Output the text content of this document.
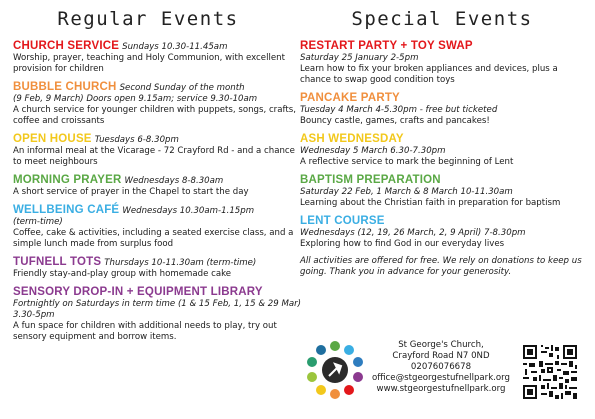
Regular Events
CHURCH SERVICE Sundays 10.30-11.45am
Worship, prayer, teaching and Holy Communion, with excellent provision for children
BUBBLE CHURCH Second Sunday of the month
(9 Feb, 9 March) Doors open 9.15am; service 9.30-10am
A church service for younger children with puppets, songs, crafts, coffee and croissants
OPEN HOUSE Tuesdays 6-8.30pm
An informal meal at the Vicarage - 72 Crayford Rd - and a chance to meet neighbours
MORNING PRAYER Wednesdays 8-8.30am
A short service of prayer in the Chapel to start the day
WELLBEING CAFÉ Wednesdays 10.30am-1.15pm
(term-time)
Coffee, cake & activities, including a seated exercise class, and a simple lunch made from surplus food
TUFNELL TOTS Thursdays 10-11.30am (term-time)
Friendly stay-and-play group with homemade cake
SENSORY DROP-IN + EQUIPMENT LIBRARY
Fortnightly on Saturdays in term time (1 & 15 Feb, 1, 15 & 29 Mar) 3.30-5pm
A fun space for children with additional needs to play, try out sensory equipment and borrow items.
Special Events
RESTART PARTY + TOY SWAP
Saturday 25 January 2-5pm
Learn how to fix your broken appliances and devices, plus a chance to swap good condition toys
PANCAKE PARTY
Tuesday 4 March 4-5.30pm - free but ticketed
Bouncy castle, games, crafts and pancakes!
ASH WEDNESDAY
Wednesday 5 March 6.30-7.30pm
A reflective service to mark the beginning of Lent
BAPTISM PREPARATION
Saturday 22 Feb, 1 March & 8 March 10-11.30am
Learning about the Christian faith in preparation for baptism
LENT COURSE
Wednesdays (12, 19, 26 March, 2, 9 April) 7-8.30pm
Exploring how to find God in our everyday lives
All activities are offered for free. We rely on donations to keep us going. Thank you in advance for your generosity.
St George's Church,
Crayford Road N7 0ND
02076076678
office@stgeorgestufnellpark.org
www.stgeorgestufnellpark.org
